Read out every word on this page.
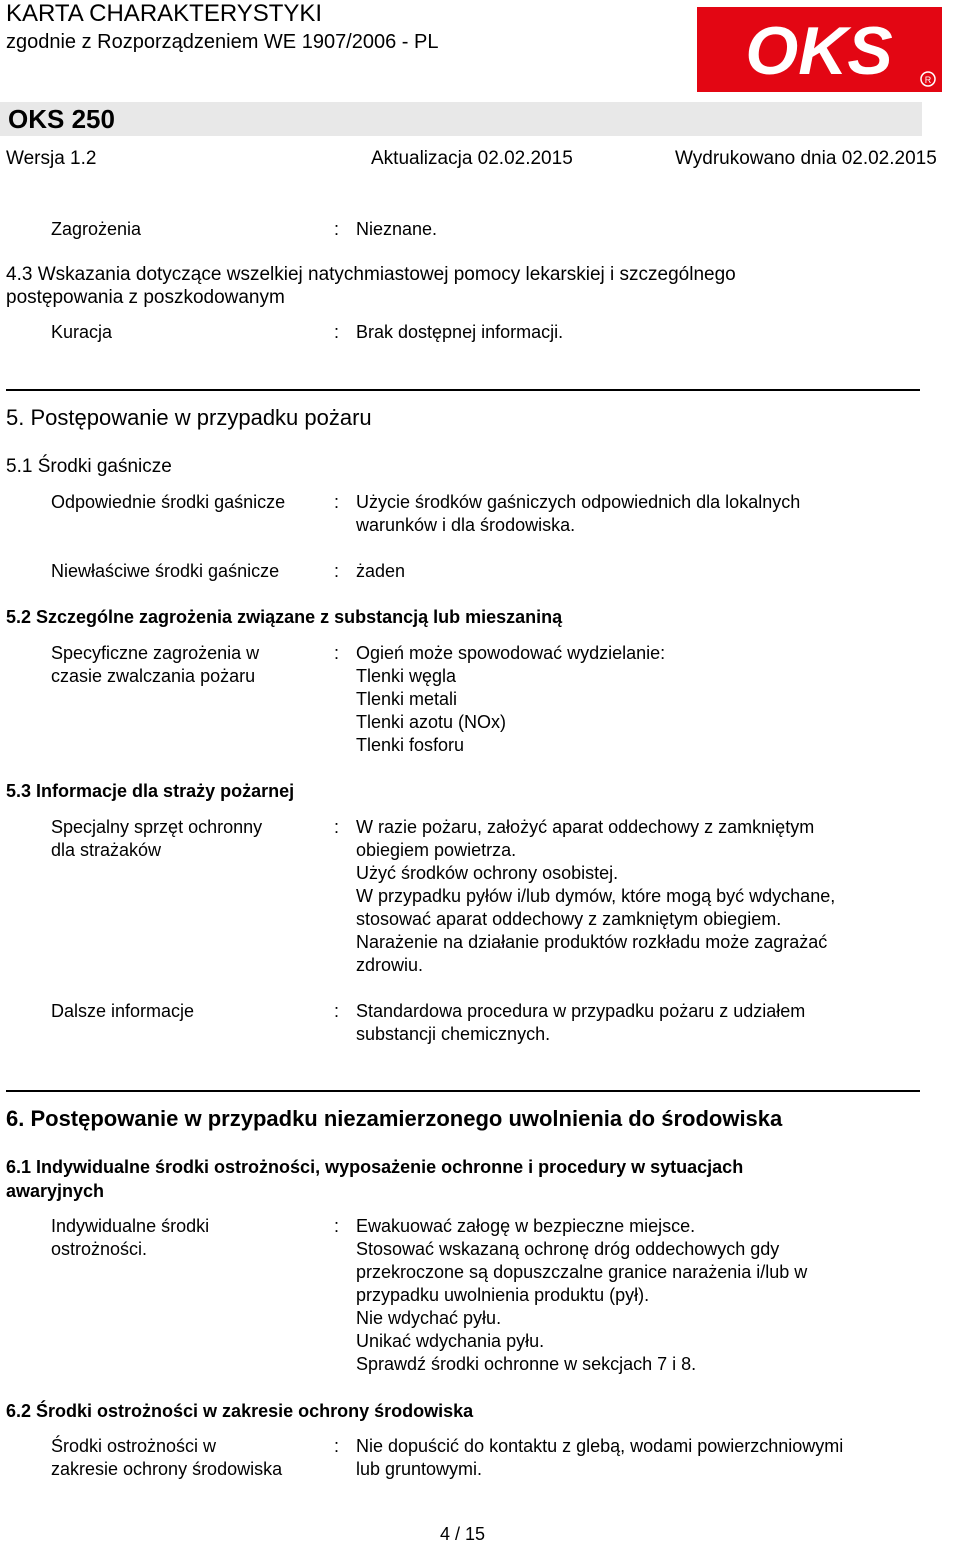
KARTA CHARAKTERYSTYKI
zgodnie z Rozporządzeniem WE 1907/2006 - PL	OKS	R
OKS 250
Wersja 1.2	Aktualizacja 02.02.2015	Wydrukowano dnia 02.02.2015
Zagrożenia	: Nieznane.
4.3 Wskazania dotyczące wszelkiej natychmiastowej pomocy lekarskiej i szczególnego
postępowania z poszkodowanym
Kuracja	: Brak dostępnej informacji.
5. Postępowanie w przypadku pożaru
5.1 Środki gaśnicze
Odpowiednie środki gaśnicze	: Użycie środków gaśniczych odpowiednich dla lokalnych
warunków i dla środowiska.
Niewłaściwe środki gaśnicze	: żaden
5.2 Szczególne zagrożenia związane z substancją lub mieszaniną
Specyficzne zagrożenia w
czasie zwalczania pożaru
: Ogień może spowodować wydzielanie:
Tlenki węgla
Tlenki metali
Tlenki azotu (NOx)
Tlenki fosforu
5.3 Informacje dla straży pożarnej
Specjalny sprzęt ochronny
dla strażaków
: W razie pożaru, założyć aparat oddechowy z zamkniętym
obiegiem powietrza.
Użyć środków ochrony osobistej.
W przypadku pyłów i/lub dymów, które mogą być wdychane,
stosować aparat oddechowy z zamkniętym obiegiem.
Narażenie na działanie produktów rozkładu może zagrażać
zdrowiu.
Dalsze informacje	: Standardowa procedura w przypadku pożaru z udziałem
substancji chemicznych.
6. Postępowanie w przypadku niezamierzonego uwolnienia do środowiska
6.1 Indywidualne środki ostrożności, wyposażenie ochronne i procedury w sytuacjach
awaryjnych
Indywidualne środki
ostrożności.
: Ewakuować załogę w bezpieczne miejsce.
Stosować wskazaną ochronę dróg oddechowych gdy
przekroczone są dopuszczalne granice narażenia i/lub w
przypadku uwolnienia produktu (pył).
Nie wdychać pyłu.
Unikać wdychania pyłu.
Sprawdź środki ochronne w sekcjach 7 i 8.
6.2 Środki ostrożności w zakresie ochrony środowiska
Środki ostrożności w
zakresie ochrony środowiska
: Nie dopuścić do kontaktu z glebą, wodami powierzchniowymi
lub gruntowymi.
4 / 15
